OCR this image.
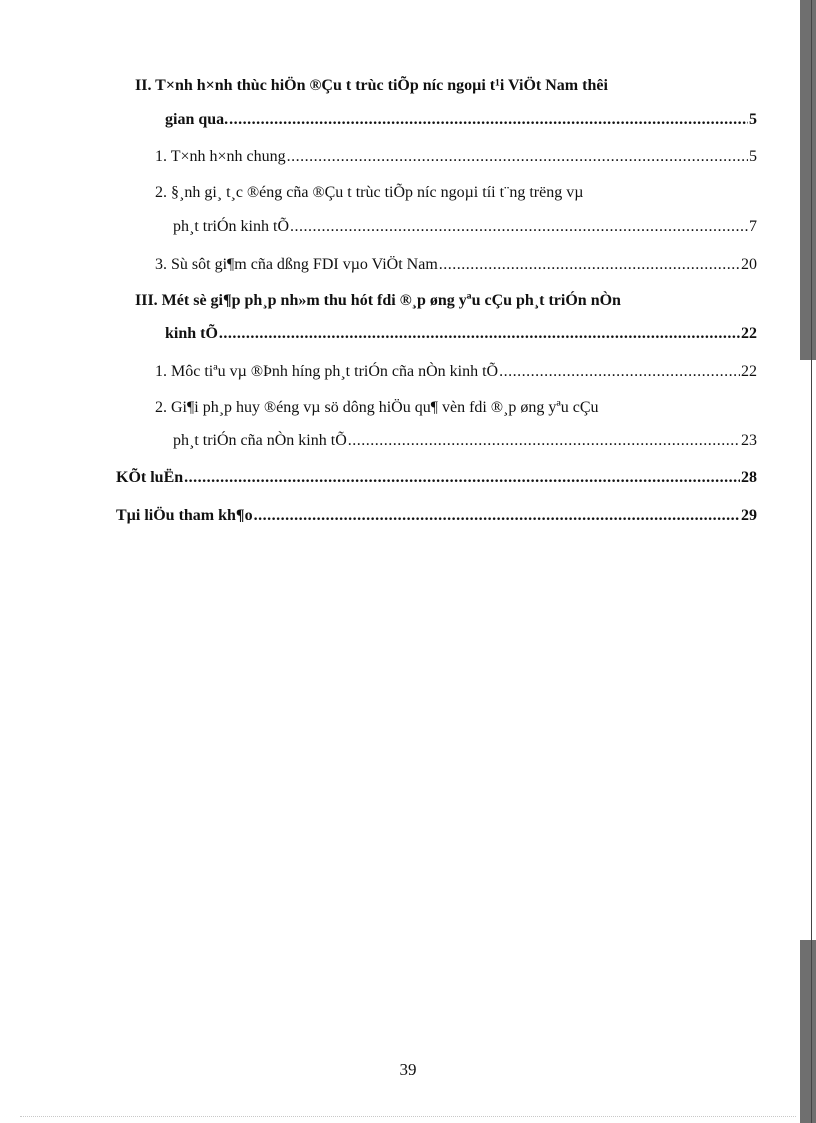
II. T×nh h×nh thùc hiÖn ®Çu t trùc tiÕp níc ngoµi t¹i ViÖt Nam thêi
gian qua. .....	5
1. T×nh h×nh chung .....	5
2. §¸nh gi¸ t¸c ®éng cña ®Çu t trùc tiÕp níc ngoµi tíi t¨ng trëng vµ
ph¸t triÓn kinh tÕ .....	7
3. Sù sôt gi¶m cña dßng FDI vµo ViÖt Nam .....	20
III. Mét sè gi¶p ph¸p nh»m thu hót fdi ®¸p øng yªu cÇu ph¸t triÓn nÒn
kinh tÕ .....	22
1. Môc tiªu vµ ®Þnh híng ph¸t triÓn cña nÒn kinh tÕ .....	22
2. Gi¶i ph¸p huy ®éng vµ sö dông hiÖu qu¶ vèn fdi ®¸p øng yªu cÇu
ph¸t triÓn cña nÒn kinh tÕ .....	23
KÕt luËn .....	28
Tµi liÖu tham kh¶o .....	29
39
